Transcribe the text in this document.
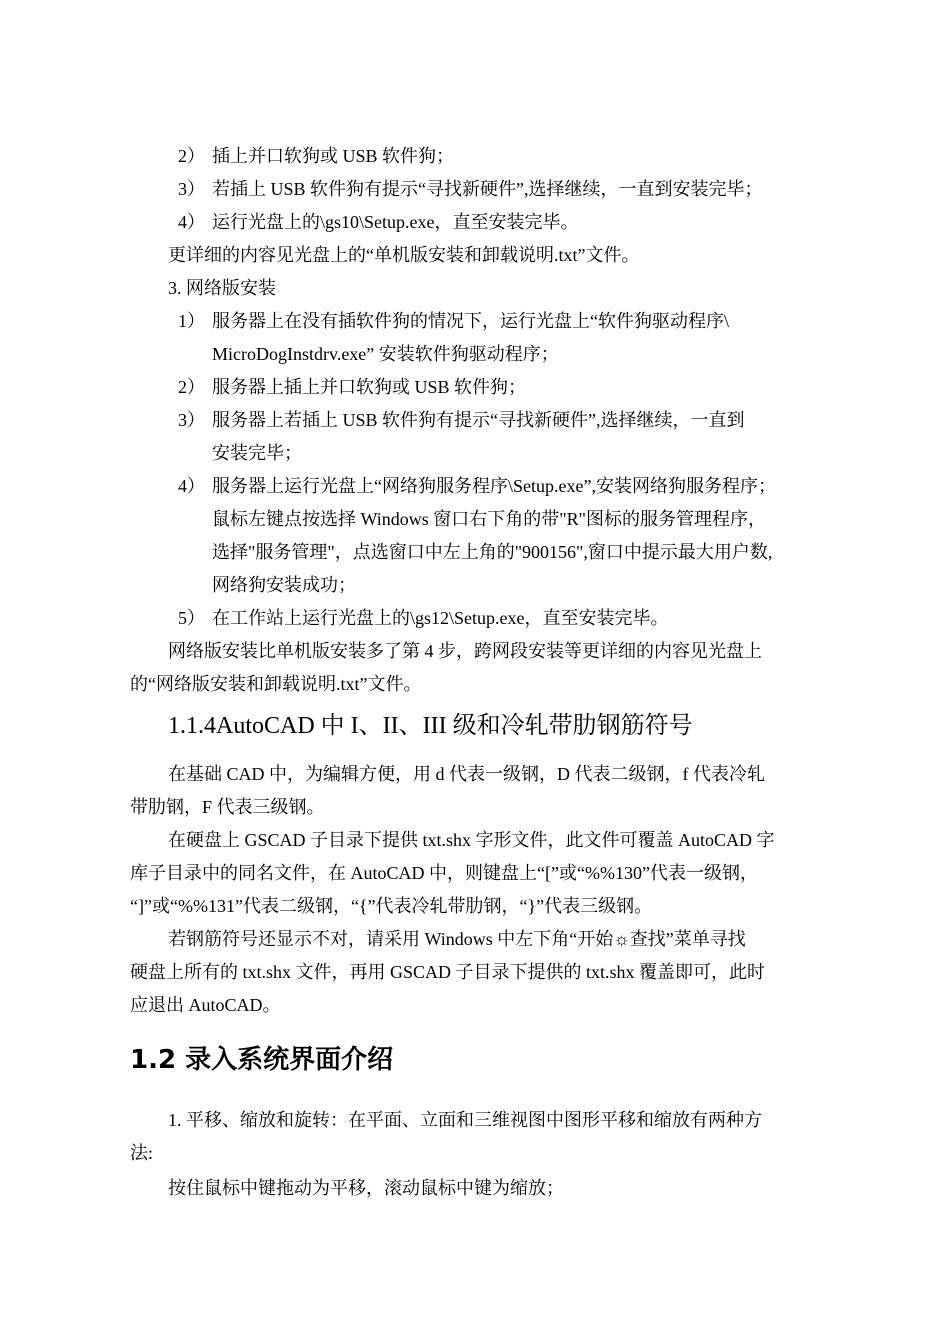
2） 插上并口软狗或 USB 软件狗；
3） 若插上 USB 软件狗有提示“寻找新硬件”,选择继续，一直到安装完毕；
4） 运行光盘上的\gs10\Setup.exe，直至安装完毕。
更详细的内容见光盘上的“单机版安装和卸载说明.txt”文件。
3. 网络版安装
1） 服务器上在没有插软件狗的情况下，运行光盘上“软件狗驱动程序\
MicroDogInstdrv.exe” 安装软件狗驱动程序；
2） 服务器上插上并口软狗或 USB 软件狗；
3） 服务器上若插上 USB 软件狗有提示“寻找新硬件”,选择继续，一直到
安装完毕；
4） 服务器上运行光盘上“网络狗服务程序\Setup.exe”,安装网络狗服务程序；
鼠标左键点按选择 Windows 窗口右下角的带"R"图标的服务管理程序，
选择"服务管理"，点选窗口中左上角的"900156",窗口中提示最大用户数,
网络狗安装成功；
5） 在工作站上运行光盘上的\gs12\Setup.exe，直至安装完毕。
网络版安装比单机版安装多了第 4 步，跨网段安装等更详细的内容见光盘上
的“网络版安装和卸载说明.txt”文件。
1.1.4AutoCAD 中 I、II、III 级和冷轧带肋钢筋符号
在基础 CAD 中，为编辑方便，用 d 代表一级钢，D 代表二级钢，f 代表冷轧
带肋钢，F 代表三级钢。
在硬盘上 GSCAD 子目录下提供 txt.shx 字形文件，此文件可覆盖 AutoCAD 字
库子目录中的同名文件，在 AutoCAD 中，则键盘上“[”或“%%130”代表一级钢，
“]”或“%%131”代表二级钢，“{”代表冷轧带肋钢，“}”代表三级钢。
若钢筋符号还显示不对，请采用 Windows 中左下角“开始☼查找”菜单寻找
硬盘上所有的 txt.shx 文件，再用 GSCAD 子目录下提供的 txt.shx 覆盖即可，此时
应退出 AutoCAD。
1.2 录入系统界面介绍
1. 平移、缩放和旋转：在平面、立面和三维视图中图形平移和缩放有两种方
法:
按住鼠标中键拖动为平移，滚动鼠标中键为缩放；
